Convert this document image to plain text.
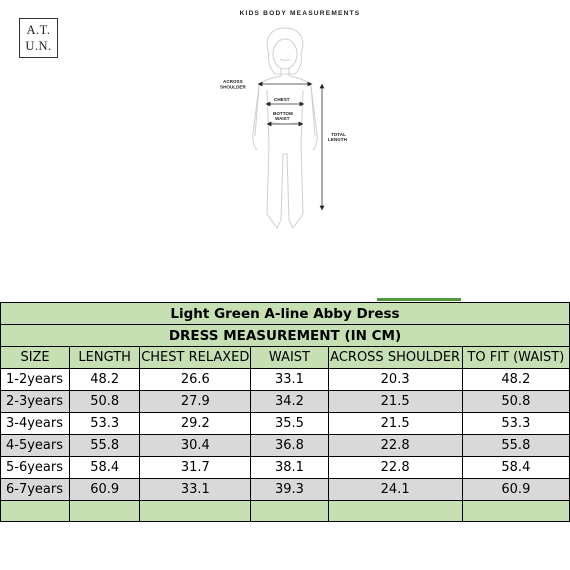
A.T.
U.N.
KIDS BODY MEASUREMENTS
ACROSS
SHOULDER
CHEST
BOTTOM
WAIST
TOTAL
LENGTH
Light Green A-line Abby Dress					
DRESS MEASUREMENT (IN CM)					
SIZE	LENGTH	CHEST RELAXED	WAIST	ACROSS SHOULDER	TO FIT (WAIST)
1-2years	48.2	26.6	33.1	20.3	48.2
2-3years	50.8	27.9	34.2	21.5	50.8
3-4years	53.3	29.2	35.5	21.5	53.3
4-5years	55.8	30.4	36.8	22.8	55.8
5-6years	58.4	31.7	38.1	22.8	58.4
6-7years	60.9	33.1	39.3	24.1	60.9
